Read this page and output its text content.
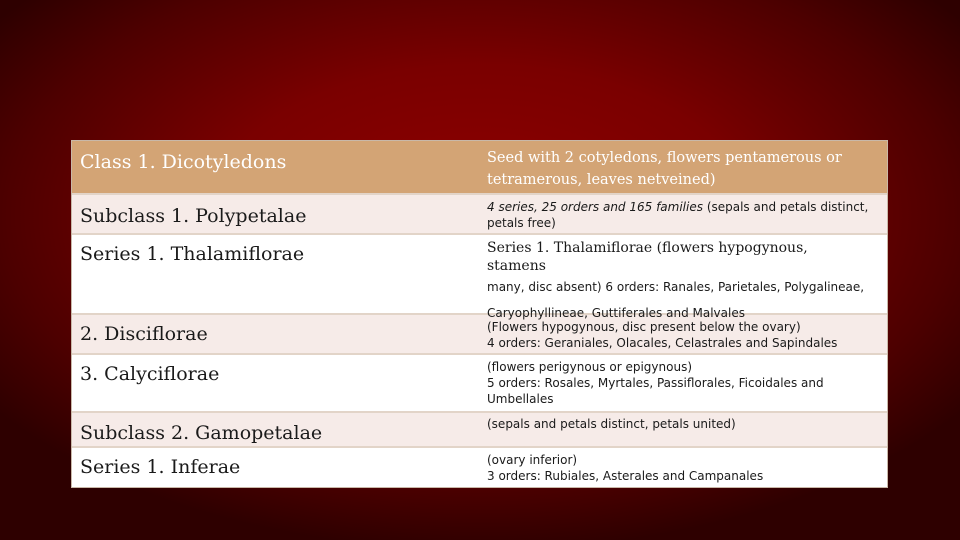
Class 1. Dicotyledons	Seed with 2 cotyledons, flowers pentamerous or
tetramerous, leaves netveined)
Subclass 1. Polypetalae	4 series, 25 orders and 165 families (sepals and petals distinct,
petals free)
Series 1. Thalamiflorae	Series 1. Thalamiflorae (flowers hypogynous, stamens
many, disc absent) 6 orders: Ranales, Parietales, Polygalineae,
Caryophyllineae, Guttiferales and Malvales
2. Disciflorae	(Flowers hypogynous, disc present below the ovary)
4 orders: Geraniales, Olacales, Celastrales and Sapindales
3. Calyciflorae	(flowers perigynous or epigynous)
5 orders: Rosales, Myrtales, Passiflorales, Ficoidales and
Umbellales
Subclass 2. Gamopetalae	(sepals and petals distinct, petals united)
Series 1. Inferae	(ovary inferior)
3 orders: Rubiales, Asterales and Campanales
